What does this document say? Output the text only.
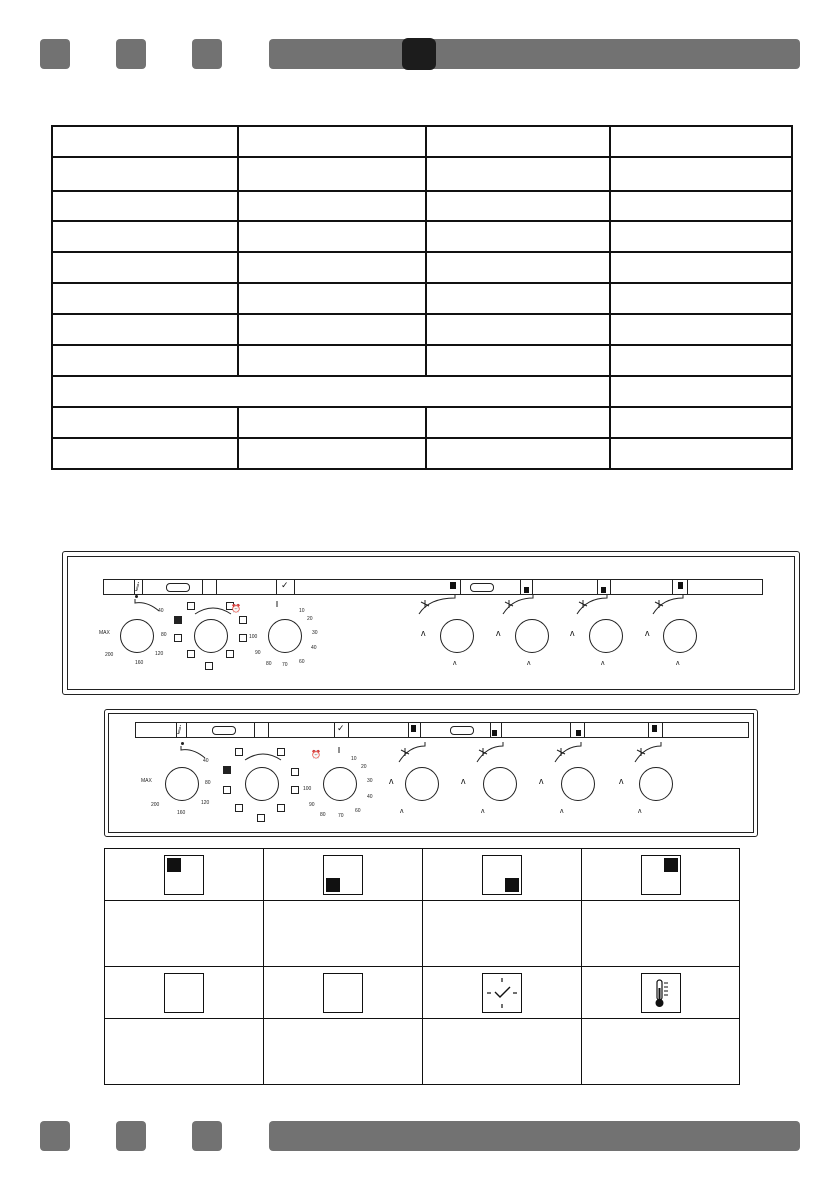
ⅉ	✓
MAX
40
80
120
160
200
⏰	10
20
30
40
60
70
80
90
100	ʌ
ʌ
ʌ
ʌ
ʌ
ʌ
ʌ
ʌ
ⅉ	✓
MAX
40
80
120
160
200
⏰	10
20
30
40
60
70
80
90
100
ʌ
ʌ
ʌ
ʌ
ʌ
ʌ
ʌ
ʌ
